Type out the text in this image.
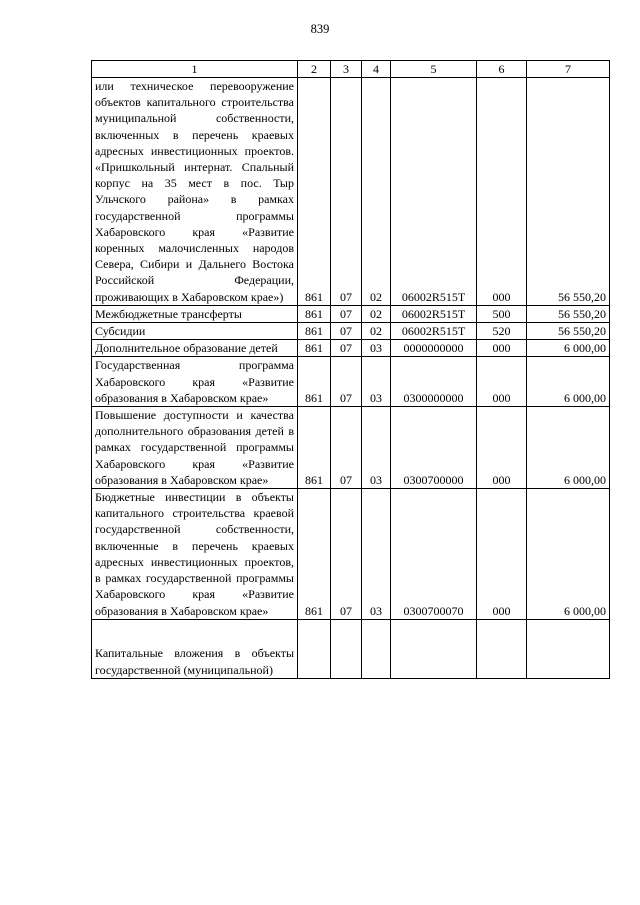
839
1	2	3	4	5	6	7
или техническое перевооружение объектов капитального строительства муниципальной собственности, включенных в перечень краевых адресных инвестиционных проектов. «Пришкольный интернат. Спальный корпус на 35 мест в пос. Тыр Ульчского района» в рамках государственной программы Хабаровского края «Развитие коренных малочисленных народов Севера, Сибири и Дальнего Востока Российской Федерации, проживающих в Хабаровском крае»)	861	07	02	06002R515T	000	56 550,20
Межбюджетные трансферты	861	07	02	06002R515T	500	56 550,20
Субсидии	861	07	02	06002R515T	520	56 550,20
Дополнительное образование детей	861	07	03	0000000000	000	6 000,00
Государственная программа Хабаровского края «Развитие образования в Хабаровском крае»	861	07	03	0300000000	000	6 000,00
Повышение доступности и качества дополнительного образования детей в рамках государственной программы Хабаровского края «Развитие образования в Хабаровском крае»	861	07	03	0300700000	000	6 000,00
Бюджетные инвестиции в объекты капитального строительства краевой государственной собственности, включенные в перечень краевых адресных инвестиционных проектов, в рамках государственной программы Хабаровского края «Развитие образования в Хабаровском крае»	861	07	03	0300700070	000	6 000,00
Капитальные вложения в объекты государственной (муниципальной)						
